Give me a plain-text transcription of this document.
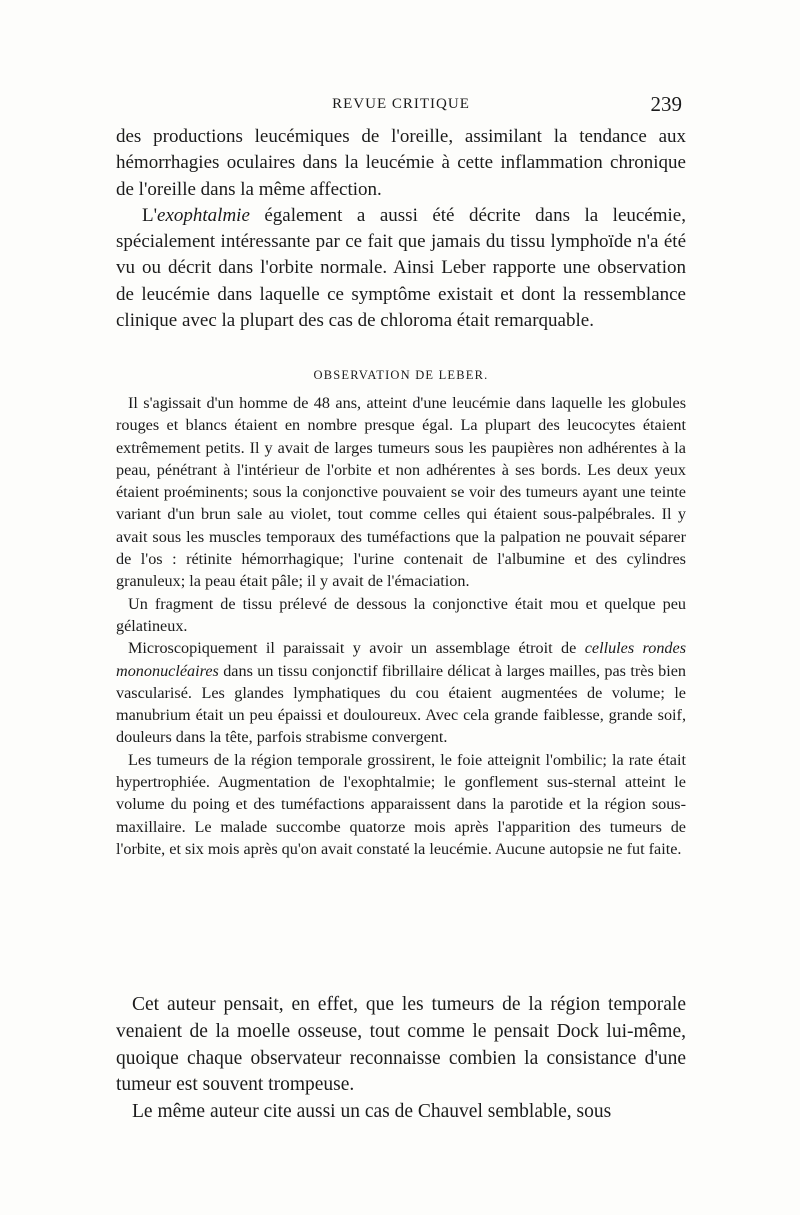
REVUE CRITIQUE	239

des productions leucémiques de l'oreille, assimilant la tendance aux hémorrhagies oculaires dans la leucémie à cette inflammation chronique de l'oreille dans la même affection.

L'exophtalmie également a aussi été décrite dans la leucémie, spécialement intéressante par ce fait que jamais du tissu lymphoïde n'a été vu ou décrit dans l'orbite normale. Ainsi Leber rapporte une observation de leucémie dans laquelle ce symptôme existait et dont la ressemblance clinique avec la plupart des cas de chloroma était remarquable.

OBSERVATION DE LEBER.

Il s'agissait d'un homme de 48 ans, atteint d'une leucémie dans laquelle les globules rouges et blancs étaient en nombre presque égal. La plupart des leucocytes étaient extrêmement petits. Il y avait de larges tumeurs sous les paupières non adhérentes à la peau, pénétrant à l'intérieur de l'orbite et non adhérentes à ses bords. Les deux yeux étaient proéminents; sous la conjonctive pouvaient se voir des tumeurs ayant une teinte variant d'un brun sale au violet, tout comme celles qui étaient sous-palpébrales. Il y avait sous les muscles temporaux des tuméfactions que la palpation ne pouvait séparer de l'os : rétinite hémorrhagique; l'urine contenait de l'albumine et des cylindres granuleux; la peau était pâle; il y avait de l'émaciation.

Un fragment de tissu prélevé de dessous la conjonctive était mou et quelque peu gélatineux.

Microscopiquement il paraissait y avoir un assemblage étroit de cellules rondes mononucléaires dans un tissu conjonctif fibrillaire délicat à larges mailles, pas très bien vascularisé. Les glandes lymphatiques du cou étaient augmentées de volume; le manubrium était un peu épaissi et douloureux. Avec cela grande faiblesse, grande soif, douleurs dans la tête, parfois strabisme convergent.

Les tumeurs de la région temporale grossirent, le foie atteignit l'ombilic; la rate était hypertrophiée. Augmentation de l'exophtalmie; le gonflement sus-sternal atteint le volume du poing et des tuméfactions apparaissent dans la parotide et la région sous-maxillaire. Le malade succombe quatorze mois après l'apparition des tumeurs de l'orbite, et six mois après qu'on avait constaté la leucémie. Aucune autopsie ne fut faite.

Cet auteur pensait, en effet, que les tumeurs de la région temporale venaient de la moelle osseuse, tout comme le pensait Dock lui-même, quoique chaque observateur reconnaisse combien la consistance d'une tumeur est souvent trompeuse.

Le même auteur cite aussi un cas de Chauvel semblable, sous
